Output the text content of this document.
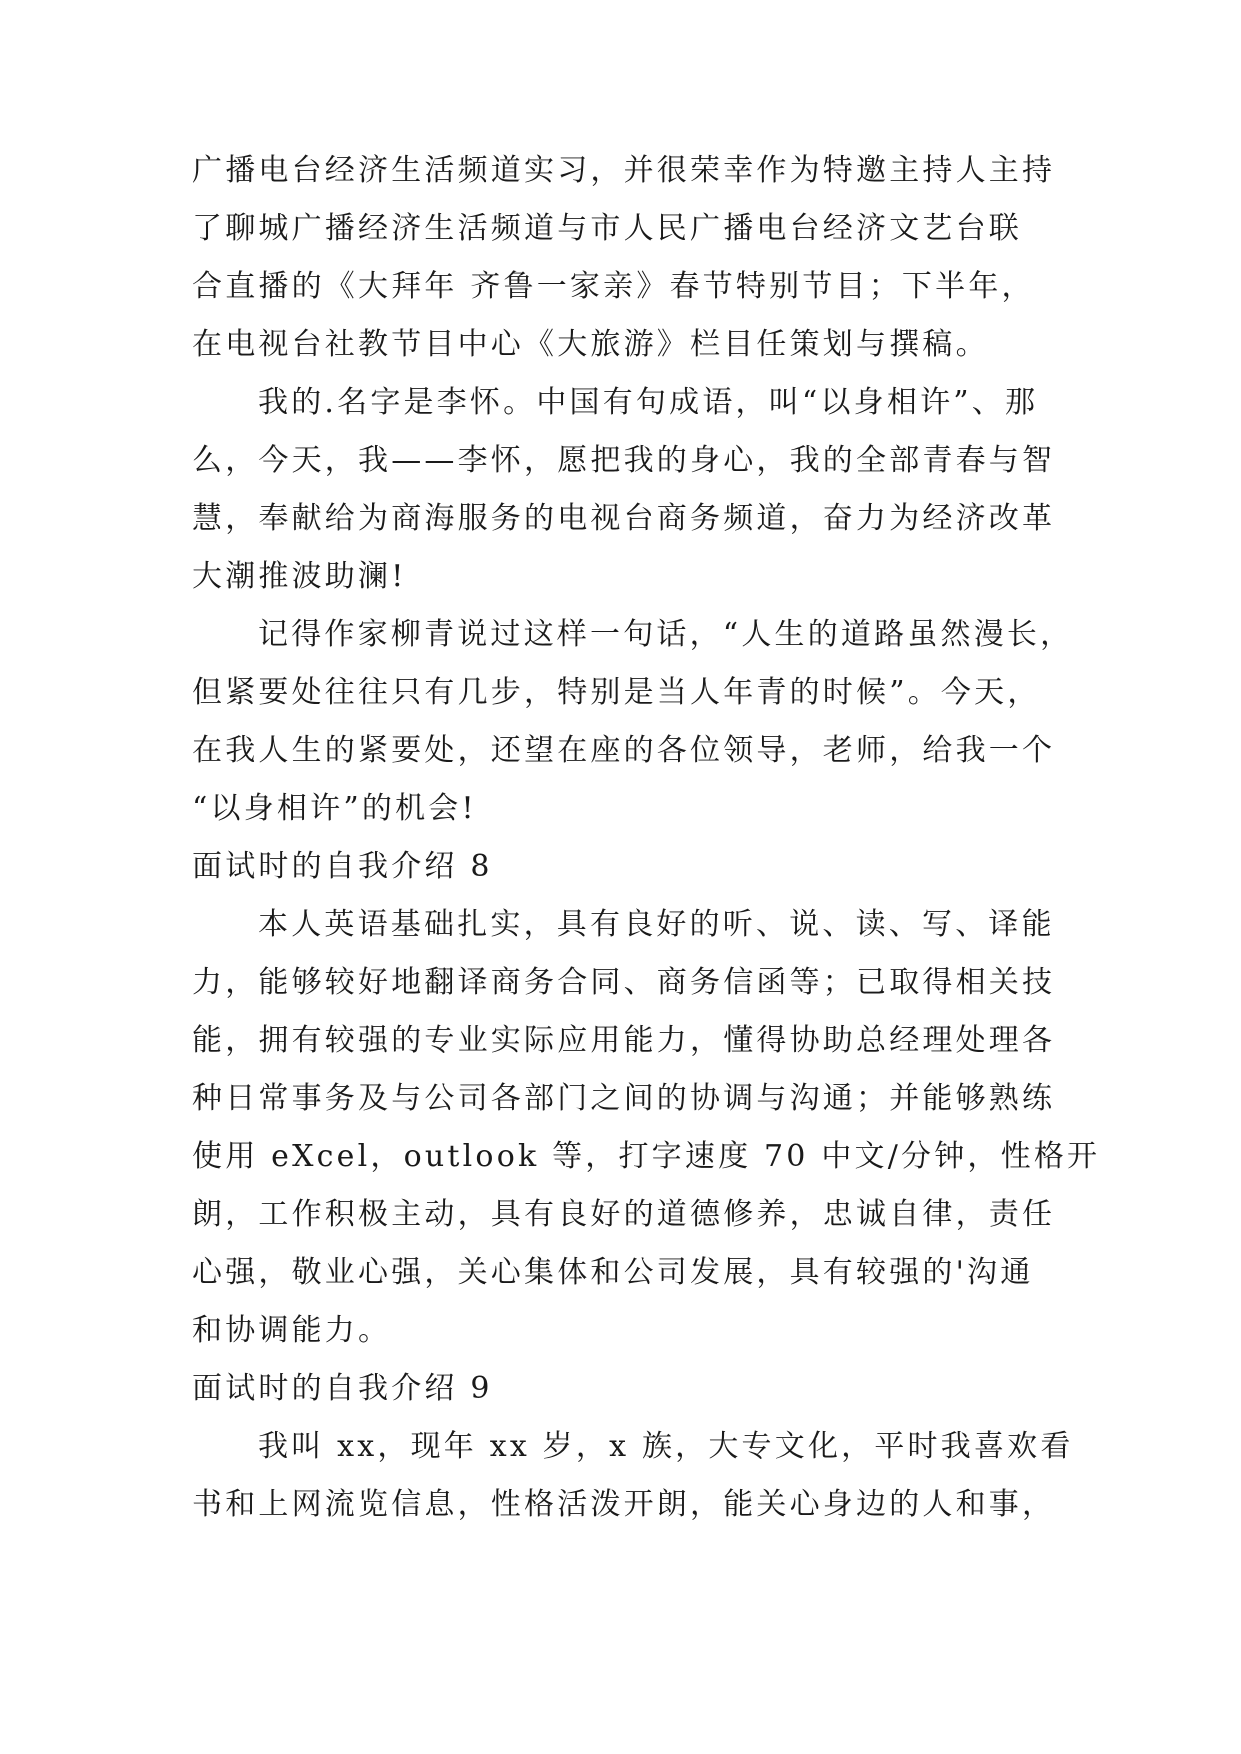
广播电台经济生活频道实习，并很荣幸作为特邀主持人主持
了聊城广播经济生活频道与市人民广播电台经济文艺台联
合直播的《大拜年 齐鲁一家亲》春节特别节目；下半年，
在电视台社教节目中心《大旅游》栏目任策划与撰稿。
我的.名字是李怀。中国有句成语，叫“以身相许”、那
么，今天，我——李怀，愿把我的身心，我的全部青春与智
慧，奉献给为商海服务的电视台商务频道，奋力为经济改革
大潮推波助澜!
记得作家柳青说过这样一句话，“人生的道路虽然漫长，
但紧要处往往只有几步，特别是当人年青的时候”。今天，
在我人生的紧要处，还望在座的各位领导，老师，给我一个
“以身相许”的机会!
面试时的自我介绍 8
本人英语基础扎实，具有良好的听、说、读、写、译能
力，能够较好地翻译商务合同、商务信函等；已取得相关技
能，拥有较强的专业实际应用能力，懂得协助总经理处理各
种日常事务及与公司各部门之间的协调与沟通；并能够熟练
使用 eXcel，outlook 等，打字速度 70 中文/分钟，性格开
朗，工作积极主动，具有良好的道德修养，忠诚自律，责任
心强，敬业心强，关心集体和公司发展，具有较强的'沟通
和协调能力。
面试时的自我介绍 9
我叫 xx，现年 xx 岁，x 族，大专文化，平时我喜欢看
书和上网流览信息，性格活泼开朗，能关心身边的人和事，
